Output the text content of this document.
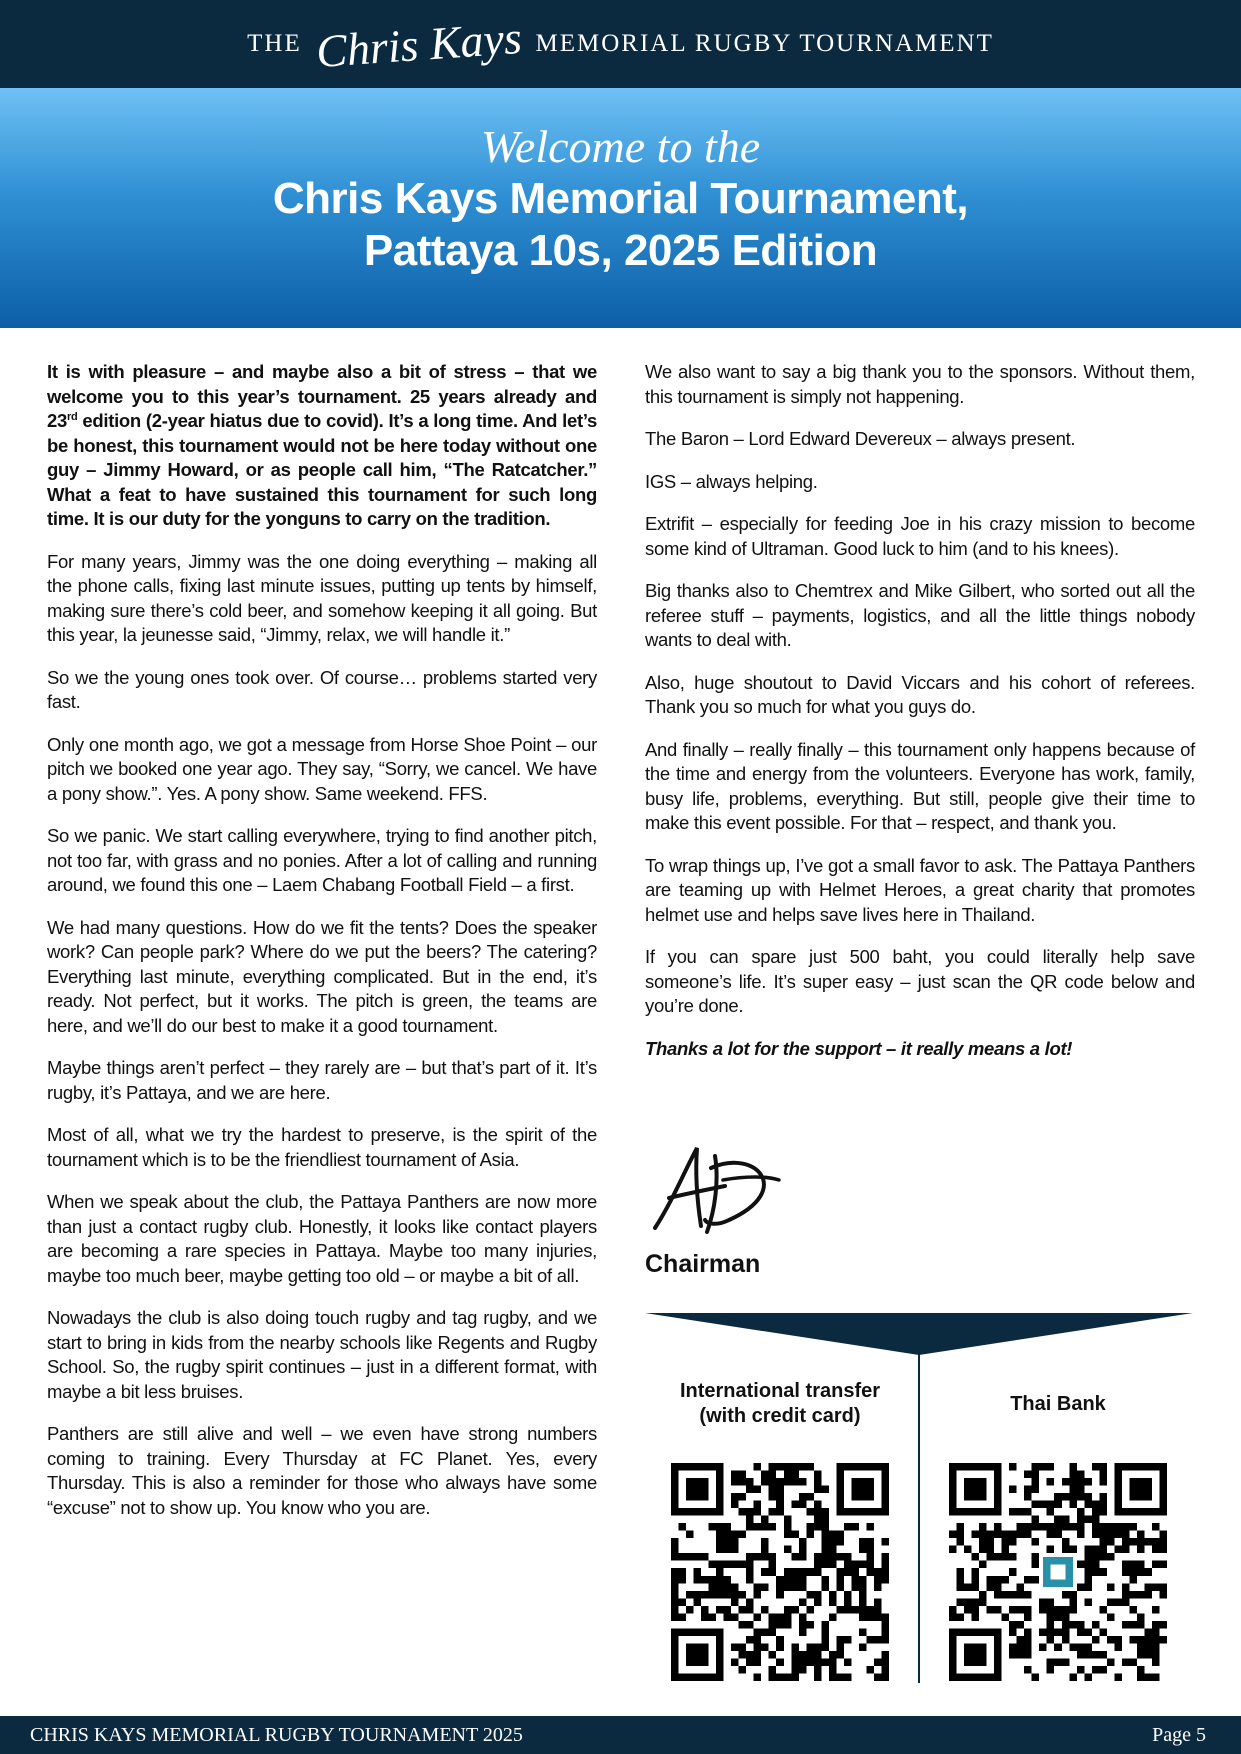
THE Chris Kays MEMORIAL RUGBY TOURNAMENT
Welcome to the
Chris Kays Memorial Tournament,
Pattaya 10s, 2025 Edition

It is with pleasure – and maybe also a bit of stress – that we welcome you to this year’s tournament. 25 years already and 23rd edition (2-year hiatus due to covid). It’s a long time. And let’s be honest, this tournament would not be here today without one guy – Jimmy Howard, or as people call him, “The Ratcatcher.” What a feat to have sustained this tournament for such long time. It is our duty for the yonguns to carry on the tradition.

For many years, Jimmy was the one doing everything – making all the phone calls, fixing last minute issues, putting up tents by himself, making sure there’s cold beer, and somehow keeping it all going. But this year, la jeunesse said, “Jimmy, relax, we will handle it.”

So we the young ones took over. Of course… problems started very fast.

Only one month ago, we got a message from Horse Shoe Point – our pitch we booked one year ago. They say, “Sorry, we cancel. We have a pony show.”. Yes. A pony show. Same weekend. FFS.

So we panic. We start calling everywhere, trying to find another pitch, not too far, with grass and no ponies. After a lot of calling and running around, we found this one – Laem Chabang Football Field – a first.

We had many questions. How do we fit the tents? Does the speaker work? Can people park? Where do we put the beers? The catering? Everything last minute, everything complicated. But in the end, it’s ready. Not perfect, but it works. The pitch is green, the teams are here, and we’ll do our best to make it a good tournament.

Maybe things aren’t perfect – they rarely are – but that’s part of it. It’s rugby, it’s Pattaya, and we are here.

Most of all, what we try the hardest to preserve, is the spirit of the tournament which is to be the friendliest tournament of Asia.

When we speak about the club, the Pattaya Panthers are now more than just a contact rugby club. Honestly, it looks like contact players are becoming a rare species in Pattaya. Maybe too many injuries, maybe too much beer, maybe getting too old – or maybe a bit of all.

Nowadays the club is also doing touch rugby and tag rugby, and we start to bring in kids from the nearby schools like Regents and Rugby School. So, the rugby spirit continues – just in a different format, with maybe a bit less bruises.

Panthers are still alive and well – we even have strong numbers coming to training. Every Thursday at FC Planet. Yes, every Thursday. This is also a reminder for those who always have some “excuse” not to show up. You know who you are.

We also want to say a big thank you to the sponsors. Without them, this tournament is simply not happening.

The Baron – Lord Edward Devereux – always present.

IGS – always helping.

Extrifit – especially for feeding Joe in his crazy mission to become some kind of Ultraman. Good luck to him (and to his knees).

Big thanks also to Chemtrex and Mike Gilbert, who sorted out all the referee stuff – payments, logistics, and all the little things nobody wants to deal with.

Also, huge shoutout to David Viccars and his cohort of referees. Thank you so much for what you guys do.

And finally – really finally – this tournament only happens because of the time and energy from the volunteers. Everyone has work, family, busy life, problems, everything. But still, people give their time to make this event possible. For that – respect, and thank you.

To wrap things up, I’ve got a small favor to ask. The Pattaya Panthers are teaming up with Helmet Heroes, a great charity that promotes helmet use and helps save lives here in Thailand.

If you can spare just 500 baht, you could literally help save someone’s life. It’s super easy – just scan the QR code below and you’re done.

Thanks a lot for the support – it really means a lot!

Chairman
International transfer
(with credit card)
Thai Bank
CHRIS KAYS MEMORIAL RUGBY TOURNAMENT 2025	Page 5
